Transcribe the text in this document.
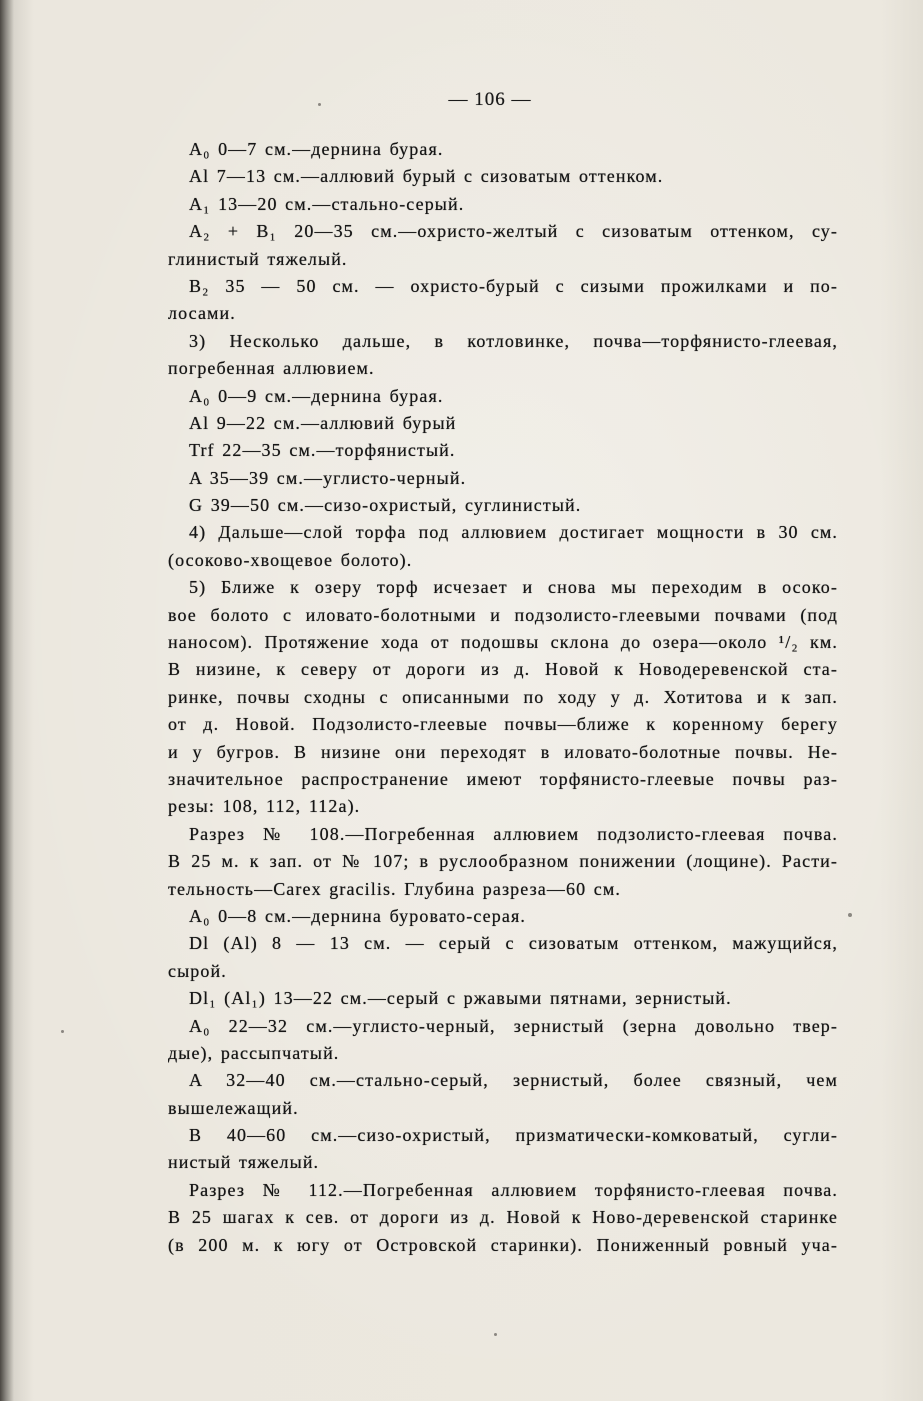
— 106 —
A₀ 0—7 см.—дернина бурая.
Al 7—13 см.—аллювий бурый с сизоватым оттенком.
A₁ 13—20 см.—стально-серый.
A₂ + B₁ 20—35 см.—охристо-желтый с сизоватым оттенком, су-
глинистый тяжелый.
B₂ 35 — 50 см. — охристо-бурый с сизыми прожилками и по-
лосами.
3) Несколько дальше, в котловинке, почва—торфянисто-глеевая,
погребенная аллювием.
A₀ 0—9 см.—дернина бурая.
Al 9—22 см.—аллювий бурый
Trf 22—35 см.—торфянистый.
A 35—39 см.—углисто-черный.
G 39—50 см.—сизо-охристый, суглинистый.
4) Дальше—слой торфа под аллювием достигает мощности в 30 см.
(осоково-хвощевое болото).
5) Ближе к озеру торф исчезает и снова мы переходим в осоко-
вое болото с иловато-болотными и подзолисто-глеевыми почвами (под
наносом). Протяжение хода от подошвы склона до озера—около ¹/₂ км.
В низине, к северу от дороги из д. Новой к Новодеревенской ста-
ринке, почвы сходны с описанными по ходу у д. Хотитова и к зап.
от д. Новой. Подзолисто-глеевые почвы—ближе к коренному берегу
и у бугров. В низине они переходят в иловато-болотные почвы. Не-
значительное распространение имеют торфянисто-глеевые почвы раз-
резы: 108, 112, 112а).
Разрез № 108.—Погребенная аллювием подзолисто-глеевая почва.
В 25 м. к зап. от № 107; в руслообразном понижении (лощине). Расти-
тельность—Carex gracilis. Глубина разреза—60 см.
A₀ 0—8 см.—дернина буровато-серая.
Dl (Al) 8 — 13 см. — серый с сизоватым оттенком, мажущийся,
сырой.
Dl₁ (Al₁) 13—22 см.—серый с ржавыми пятнами, зернистый.
A₀ 22—32 см.—углисто-черный, зернистый (зерна довольно твер-
дые), рассыпчатый.
A 32—40 см.—стально-серый, зернистый, более связный, чем
вышележащий.
B 40—60 см.—сизо-охристый, призматически-комковатый, сугли-
нистый тяжелый.
Разрез № 112.—Погребенная аллювием торфянисто-глеевая почва.
В 25 шагах к сев. от дороги из д. Новой к Ново-деревенской старинке
(в 200 м. к югу от Островской старинки). Пониженный ровный уча-
